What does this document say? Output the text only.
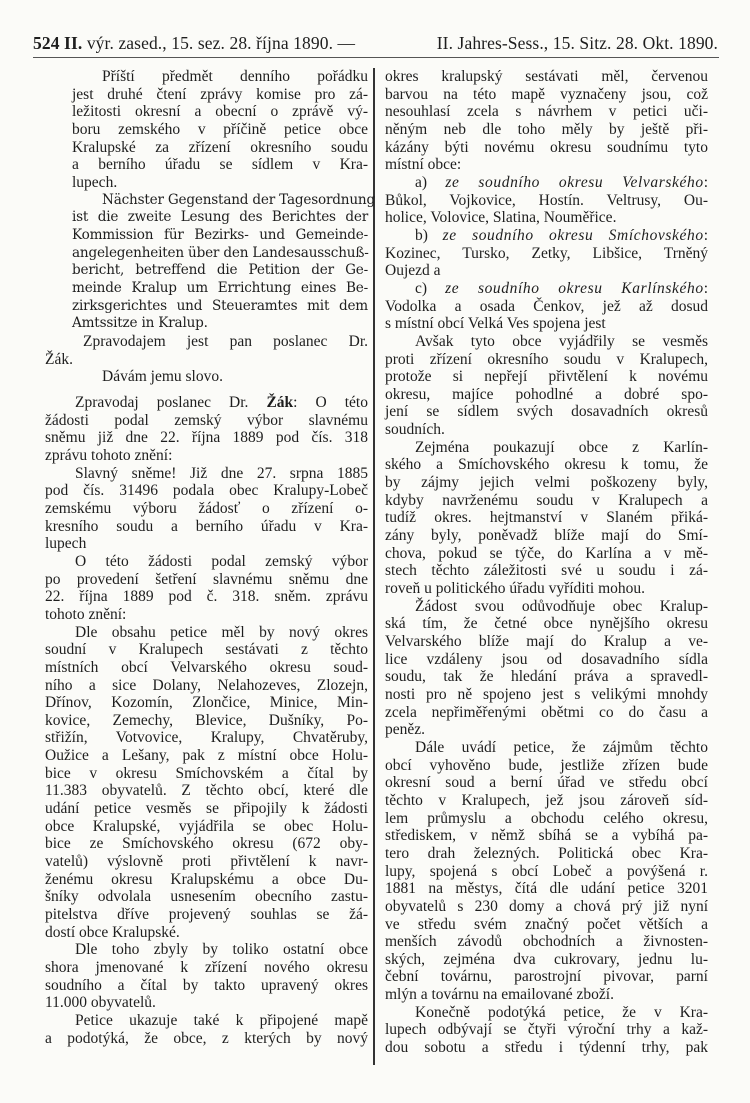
524 II. výr. zased., 15. sez. 28. října 1890. —	II. Jahres-Sess., 15. Sitz. 28. Okt. 1890.
Příští předmět denního pořádku
jest druhé čtení zprávy komise pro zá-
ležitosti okresní a obecní o zprávě vý-
boru zemského v příčině petice obce
Kralupské za zřízení okresního soudu
a berního úřadu se sídlem v Kra-
lupech.
Nächster Gegenstand der Tagesordnung
ist die zweite Lesung des Berichtes der
Kommission für Bezirks- und Gemeinde-
angelegenheiten über den Landesausschuß-
bericht, betreffend die Petition der Ge-
meinde Kralup um Errichtung eines Be-
zirksgerichtes und Steueramtes mit dem
Amtssitze in Kralup.
Zpravodajem jest pan poslanec Dr.
Žák.
Dávám jemu slovo.
Zpravodaj poslanec Dr. Žák: O této
žádosti podal zemský výbor slavnému
sněmu již dne 22. října 1889 pod čís. 318
zprávu tohoto znění:
Slavný sněme! Již dne 27. srpna 1885
pod čís. 31496 podala obec Kralupy-Lobeč
zemskému výboru žádosť o zřízení o-
kresního soudu a berního úřadu v Kra-
lupech
O této žádosti podal zemský výbor
po provedení šetření slavnému sněmu dne
22. října 1889 pod č. 318. sněm. zprávu
tohoto znění:
Dle obsahu petice měl by nový okres
soudní v Kralupech sestávati z těchto
místních obcí Velvarského okresu soud-
ního a sice Dolany, Nelahozeves, Zlozejn,
Dřínov, Kozomín, Zlončice, Minice, Min-
kovice, Zemechy, Blevice, Dušníky, Po-
střižín, Votvovice, Kralupy, Chvatěruby,
Oužice a Lešany, pak z místní obce Holu-
bice v okresu Smíchovském a čítal by
11.383 obyvatelů. Z těchto obcí, které dle
udání petice vesměs se připojily k žádosti
obce Kralupské, vyjádřila se obec Holu-
bice ze Smíchovského okresu (672 oby-
vatelů) výslovně proti přivtělení k navr-
ženému okresu Kralupskému a obce Du-
šníky odvolala usnesením obecního zastu-
pitelstva dříve projevený souhlas se žá-
dostí obce Kralupské.
Dle toho zbyly by toliko ostatní obce
shora jmenované k zřízení nového okresu
soudního a čítal by takto upravený okres
11.000 obyvatelů.
Petice ukazuje také k připojené mapě
a podotýká, že obce, z kterých by nový
okres kralupský sestávati měl, červenou
barvou na této mapě vyznačeny jsou, což
nesouhlasí zcela s návrhem v petici uči-
něným neb dle toho měly by ještě při-
kázány býti novému okresu soudnímu tyto
místní obce:
a) ze soudního okresu Velvarského:
Bůkol, Vojkovice, Hostín. Veltrusy, Ou-
holice, Volovice, Slatina, Nouměřice.
b) ze soudního okresu Smíchovského:
Kozinec, Tursko, Zetky, Libšice, Trněný
Oujezd a
c) ze soudního okresu Karlínského:
Vodolka a osada Čenkov, jež až dosud
s místní obcí Velká Ves spojena jest
Avšak tyto obce vyjádřily se vesměs
proti zřízení okresního soudu v Kralupech,
protože si nepřejí přivtělení k novému
okresu, majíce pohodlné a dobré spo-
jení se sídlem svých dosavadních okresů
soudních.
Zejména poukazují obce z Karlín-
ského a Smíchovského okresu k tomu, že
by zájmy jejich velmi poškozeny byly,
kdyby navrženému soudu v Kralupech a
tudíž okres. hejtmanství v Slaném přiká-
zány byly, poněvadž blíže mají do Smí-
chova, pokud se týče, do Karlína a v mě-
stech těchto záležitosti své u soudu i zá-
roveň u politického úřadu vyříditi mohou.
Žádost svou odůvodňuje obec Kralup-
ská tím, že četné obce nynějšího okresu
Velvarského blíže mají do Kralup a ve-
lice vzdáleny jsou od dosavadního sídla
soudu, tak že hledání práva a spravedl-
nosti pro ně spojeno jest s velikými mnohdy
zcela nepřiměřenými obětmi co do času a
peněz.
Dále uvádí petice, že zájmům těchto
obcí vyhověno bude, jestliže zřízen bude
okresní soud a berní úřad ve středu obcí
těchto v Kralupech, jež jsou zároveň síd-
lem průmyslu a obchodu celého okresu,
střediskem, v němž sbíhá se a vybíhá pa-
tero drah železných. Politická obec Kra-
lupy, spojená s obcí Lobeč a povýšená r.
1881 na městys, čítá dle udání petice 3201
obyvatelů s 230 domy a chová prý již nyní
ve středu svém značný počet větších a
menších závodů obchodních a živnosten-
ských, zejména dva cukrovary, jednu lu-
čební továrnu, parostrojní pivovar, parní
mlýn a továrnu na emailované zboží.
Konečně podotýká petice, že v Kra-
lupech odbývají se čtyři výroční trhy a kaž-
dou sobotu a středu i týdenní trhy, pak
